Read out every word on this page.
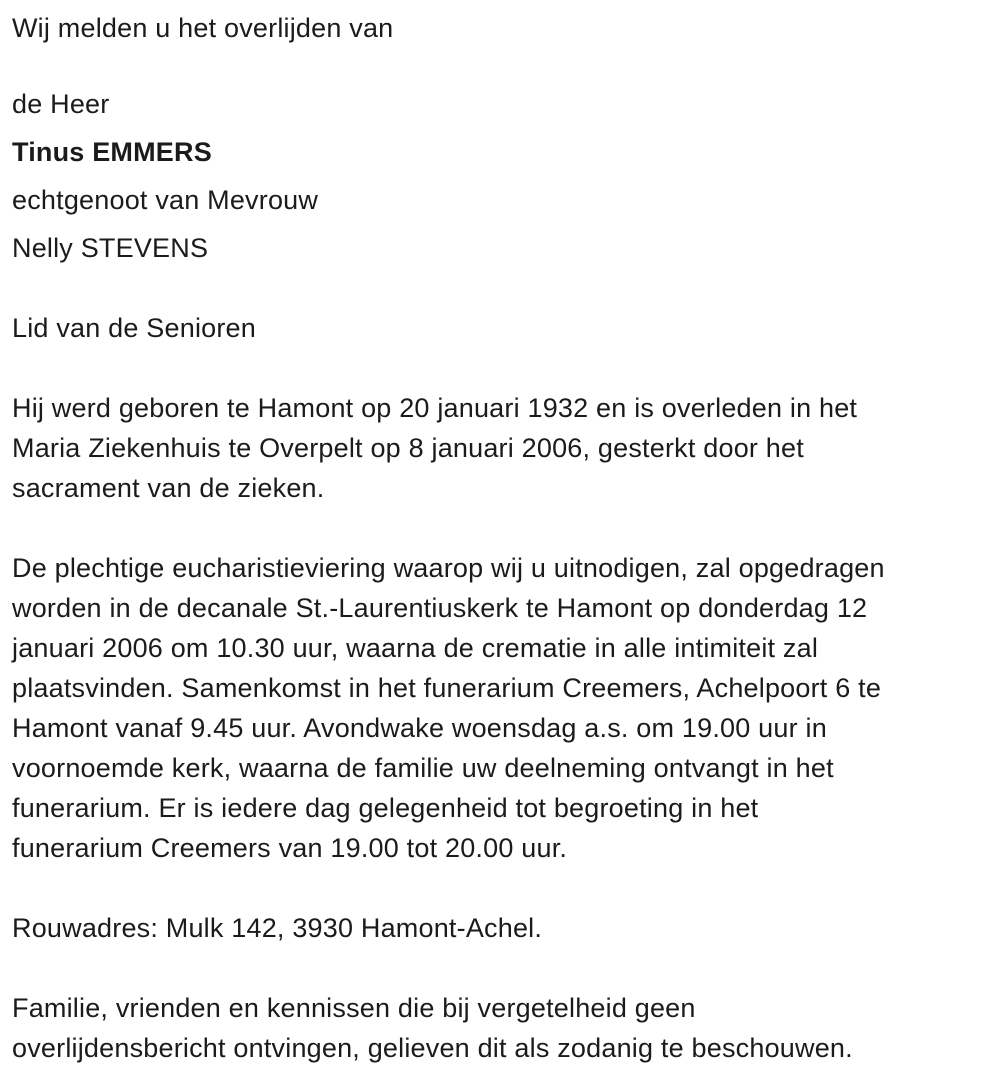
Wij melden u het overlijden van
de Heer
Tinus EMMERS
echtgenoot van Mevrouw
Nelly STEVENS
Lid van de Senioren
Hij werd geboren te Hamont op 20 januari 1932 en is overleden in het
Maria Ziekenhuis te Overpelt op 8 januari 2006, gesterkt door het
sacrament van de zieken.
De plechtige eucharistieviering waarop wij u uitnodigen, zal opgedragen
worden in de decanale St.-Laurentiuskerk te Hamont op donderdag 12
januari 2006 om 10.30 uur, waarna de crematie in alle intimiteit zal
plaatsvinden. Samenkomst in het funerarium Creemers, Achelpoort 6 te
Hamont vanaf 9.45 uur. Avondwake woensdag a.s. om 19.00 uur in
voornoemde kerk, waarna de familie uw deelneming ontvangt in het
funerarium. Er is iedere dag gelegenheid tot begroeting in het
funerarium Creemers van 19.00 tot 20.00 uur.
Rouwadres: Mulk 142, 3930 Hamont-Achel.
Familie, vrienden en kennissen die bij vergetelheid geen
overlijdensbericht ontvingen, gelieven dit als zodanig te beschouwen.
